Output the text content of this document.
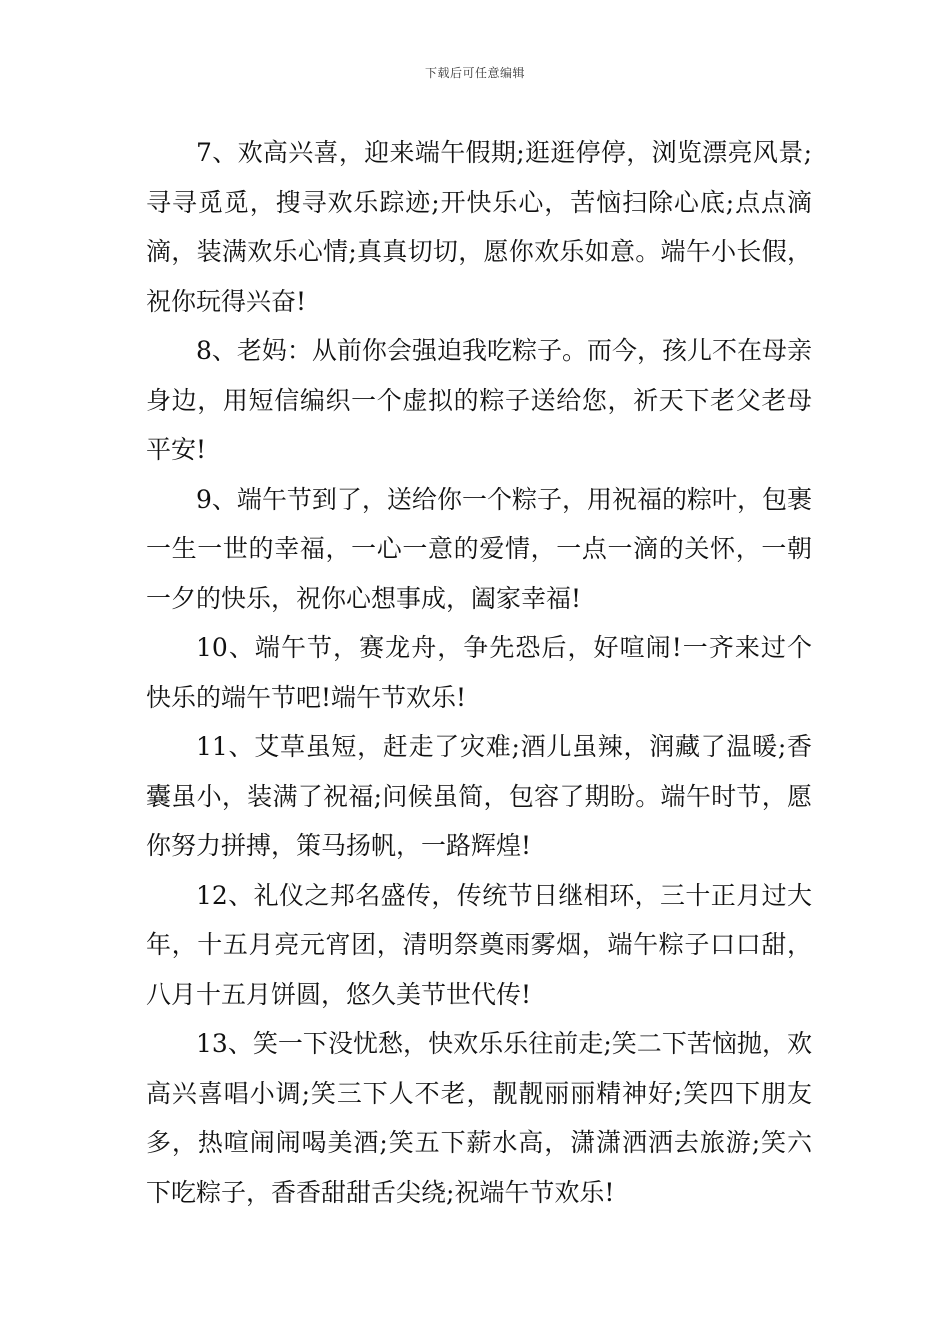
下载后可任意编辑

7、欢高兴喜，迎来端午假期;逛逛停停，浏览漂亮风景;寻寻觅觅，搜寻欢乐踪迹;开快乐心，苦恼扫除心底;点点滴滴，装满欢乐心情;真真切切，愿你欢乐如意。端午小长假，祝你玩得兴奋!

8、老妈：从前你会强迫我吃粽子。而今，孩儿不在母亲身边，用短信编织一个虚拟的粽子送给您，祈天下老父老母平安!

9、端午节到了，送给你一个粽子，用祝福的粽叶，包裹一生一世的幸福，一心一意的爱情，一点一滴的关怀，一朝一夕的快乐，祝你心想事成，阖家幸福!

10、端午节，赛龙舟，争先恐后，好喧闹!一齐来过个快乐的端午节吧!端午节欢乐!

11、艾草虽短，赶走了灾难;酒儿虽辣，润藏了温暖;香囊虽小，装满了祝福;问候虽简，包容了期盼。端午时节，愿你努力拼搏，策马扬帆，一路辉煌!

12、礼仪之邦名盛传，传统节日继相环，三十正月过大年，十五月亮元宵团，清明祭奠雨雾烟，端午粽子口口甜，八月十五月饼圆，悠久美节世代传!

13、笑一下没忧愁，快欢乐乐往前走;笑二下苦恼抛，欢高兴喜唱小调;笑三下人不老，靓靓丽丽精神好;笑四下朋友多，热喧闹闹喝美酒;笑五下薪水高，潇潇洒洒去旅游;笑六下吃粽子，香香甜甜舌尖绕;祝端午节欢乐!
